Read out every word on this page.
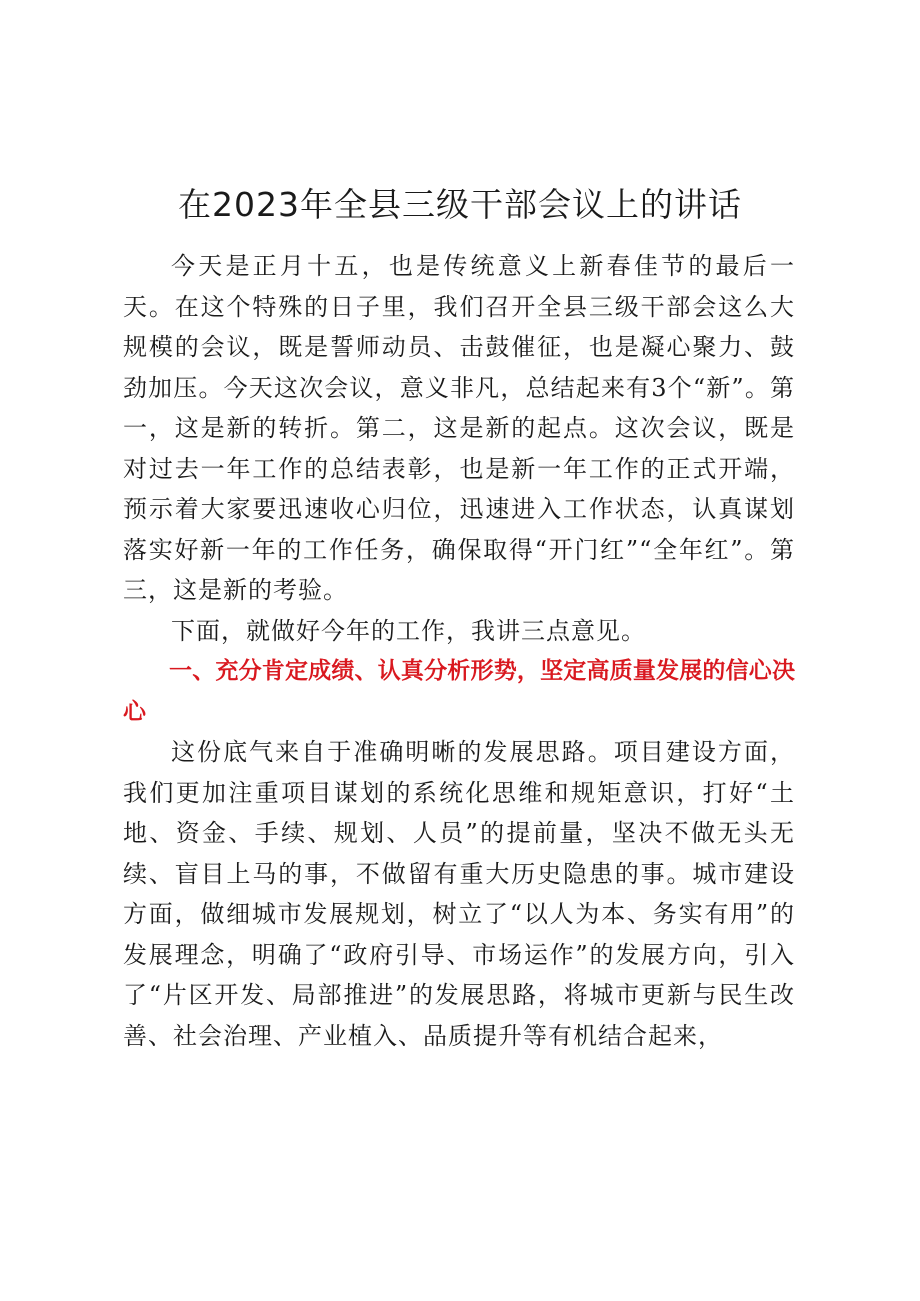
在2023年全县三级干部会议上的讲话

今天是正月十五，也是传统意义上新春佳节的最后一天。在这个特殊的日子里，我们召开全县三级干部会这么大规模的会议，既是誓师动员、击鼓催征，也是凝心聚力、鼓劲加压。今天这次会议，意义非凡，总结起来有3个“新”。第一，这是新的转折。第二，这是新的起点。这次会议，既是对过去一年工作的总结表彰，也是新一年工作的正式开端，预示着大家要迅速收心归位，迅速进入工作状态，认真谋划落实好新一年的工作任务，确保取得“开门红”“全年红”。第三，这是新的考验。

下面，就做好今年的工作，我讲三点意见。

一、充分肯定成绩、认真分析形势，坚定高质量发展的信心决心

这份底气来自于准确明晰的发展思路。项目建设方面，我们更加注重项目谋划的系统化思维和规矩意识，打好“土地、资金、手续、规划、人员”的提前量，坚决不做无头无续、盲目上马的事，不做留有重大历史隐患的事。城市建设方面，做细城市发展规划，树立了“以人为本、务实有用”的发展理念，明确了“政府引导、市场运作”的发展方向，引入了“片区开发、局部推进”的发展思路，将城市更新与民生改善、社会治理、产业植入、品质提升等有机结合起来，
